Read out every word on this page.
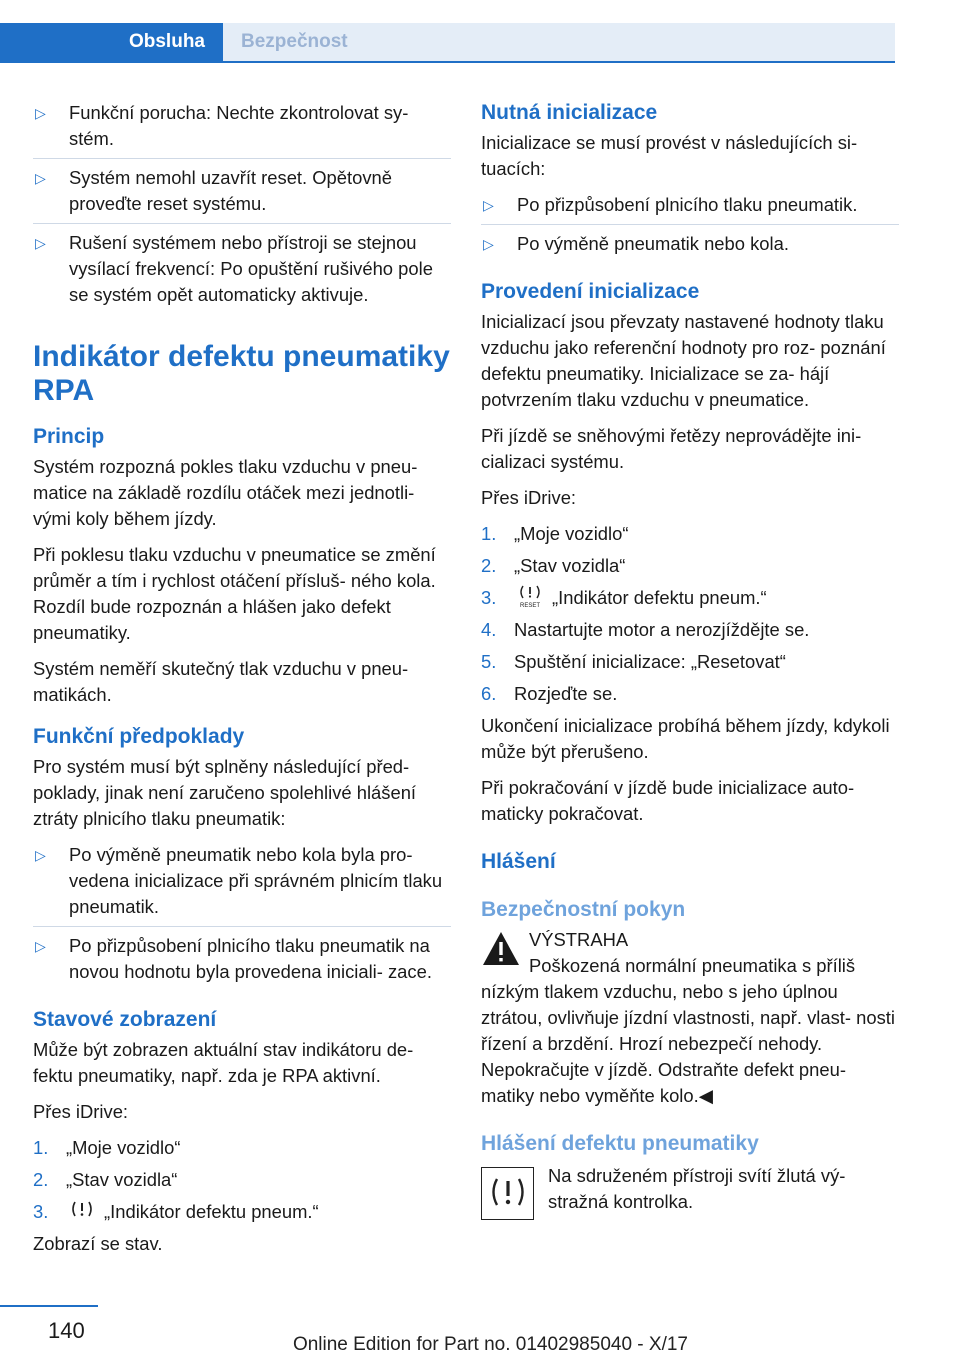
Obsluha	Bezpečnost
▷	Funkční porucha: Nechte zkontrolovat sy‐ stém.
▷	Systém nemohl uzavřít reset. Opětovně proveďte reset systému.
▷	Rušení systémem nebo přístroji se stejnou vysílací frekvencí: Po opuštění rušivého pole se systém opět automaticky aktivuje.
Indikátor defektu pneumatiky RPA
Princip

Systém rozpozná pokles tlaku vzduchu v pneu‐ matice na základě rozdílu otáček mezi jednotli‐ vými koly během jízdy.

Při poklesu tlaku vzduchu v pneumatice se změní průměr a tím i rychlost otáčení přísluš‐ ného kola. Rozdíl bude rozpoznán a hlášen jako defekt pneumatiky.

Systém neměří skutečný tlak vzduchu v pneu‐ matikách.

Funkční předpoklady

Pro systém musí být splněny následující před‐ poklady, jinak není zaručeno spolehlivé hlášení ztráty plnicího tlaku pneumatik:

▷	Po výměně pneumatik nebo kola byla pro‐ vedena inicializace při správném plnicím tlaku pneumatik.
▷	Po přizpůsobení plnicího tlaku pneumatik na novou hodnotu byla provedena iniciali‐ zace.
Stavové zobrazení

Může být zobrazen aktuální stav indikátoru de‐ fektu pneumatiky, např. zda je RPA aktivní.

Přes iDrive:

1. „Moje vozidlo“
2. „Stav vozidla“
3.	„Indikátor defektu pneum.“

Zobrazí se stav.

Nutná inicializace

Inicializace se musí provést v následujících si‐ tuacích:

▷	Po přizpůsobení plnicího tlaku pneumatik.
▷	Po výměně pneumatik nebo kola.
Provedení inicializace

Inicializací jsou převzaty nastavené hodnoty tlaku vzduchu jako referenční hodnoty pro roz‐ poznání defektu pneumatiky. Inicializace se za‐ hájí potvrzením tlaku vzduchu v pneumatice.

Při jízdě se sněhovými řetězy neprovádějte ini‐ cializaci systému.

Přes iDrive:

1. „Moje vozidlo“
2. „Stav vozidla“
3.	RESET „Indikátor defektu pneum.“
4. Nastartujte motor a nerozjíždějte se.
5. Spuštění inicializace: „Resetovat“
6. Rozjeďte se.

Ukončení inicializace probíhá během jízdy, kdykoli může být přerušeno.

Při pokračování v jízdě bude inicializace auto‐ maticky pokračovat.

Hlášení
Bezpečnostní pokyn
VÝSTRAHA
Poškozená normální pneumatika s příliš

nízkým tlakem vzduchu, nebo s jeho úplnou ztrátou, ovlivňuje jízdní vlastnosti, např. vlast‐ nosti řízení a brzdění. Hrozí nebezpečí nehody. Nepokračujte v jízdě. Odstraňte defekt pneu‐ matiky nebo vyměňte kolo.◀

Hlášení defektu pneumatiky
Na sdruženém přístroji svítí žlutá vý‐ stražná kontrolka.
140
Online Edition for Part no. 01402985040 - X/17
